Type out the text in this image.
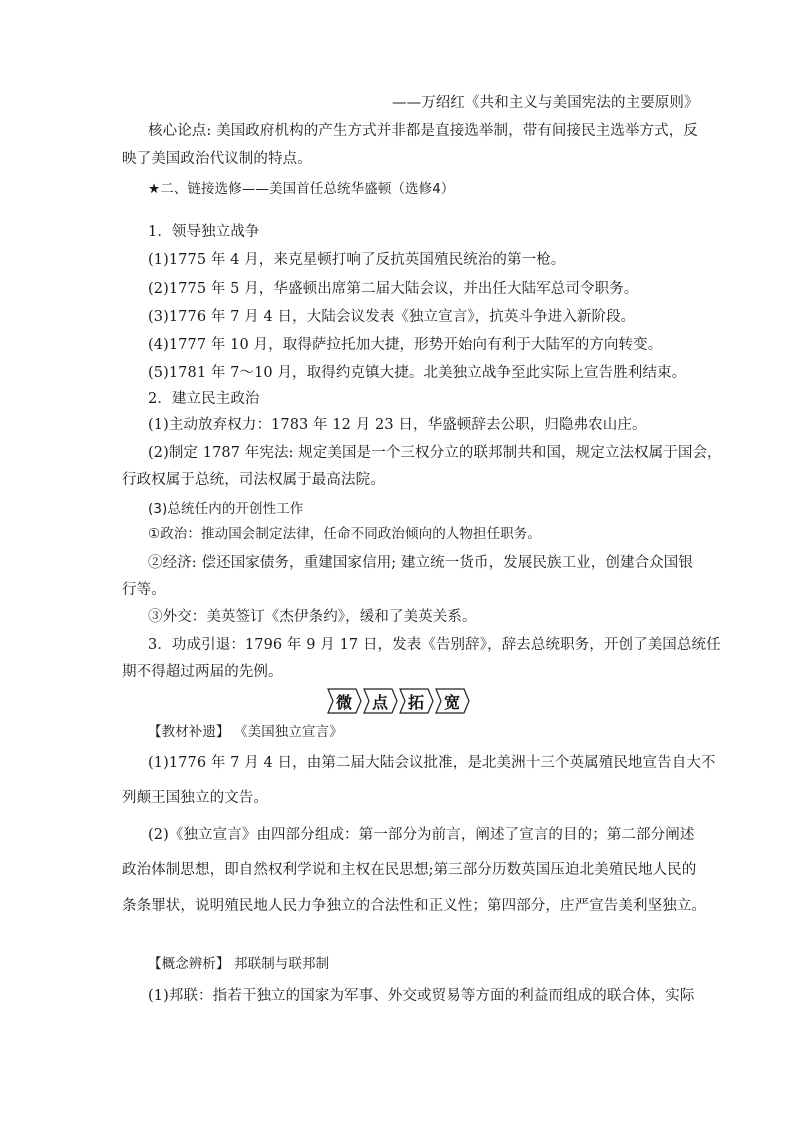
——万绍红《共和主义与美国宪法的主要原则》
核心论点: 美国政府机构的产生方式并非都是直接选举制，带有间接民主选举方式，反
映了美国政治代议制的特点。
★二、链接选修——美国首任总统华盛顿（选修4）
1．领导独立战争
(1)1775 年 4 月，来克星顿打响了反抗英国殖民统治的第一枪。
(2)1775 年 5 月，华盛顿出席第二届大陆会议，并出任大陆军总司令职务。
(3)1776 年 7 月 4 日，大陆会议发表《独立宣言》，抗英斗争进入新阶段。
(4)1777 年 10 月，取得萨拉托加大捷，形势开始向有利于大陆军的方向转变。
(5)1781 年 7～10 月，取得约克镇大捷。北美独立战争至此实际上宣告胜利结束。
2．建立民主政治
(1)主动放弃权力：1783 年 12 月 23 日，华盛顿辞去公职，归隐弗农山庄。
(2)制定 1787 年宪法: 规定美国是一个三权分立的联邦制共和国，规定立法权属于国会，
行政权属于总统，司法权属于最高法院。
(3)总统任内的开创性工作
①政治：推动国会制定法律，任命不同政治倾向的人物担任职务。
②经济: 偿还国家债务，重建国家信用; 建立统一货币，发展民族工业，创建合众国银
行等。
③外交：美英签订《杰伊条约》，缓和了美英关系。
3．功成引退：1796 年 9 月 17 日，发表《告别辞》，辞去总统职务，开创了美国总统任
期不得超过两届的先例。
微 点 拓 宽
【教材补遗】 《美国独立宣言》
(1)1776 年 7 月 4 日，由第二届大陆会议批准，是北美洲十三个英属殖民地宣告自大不
列颠王国独立的文告。
(2)《独立宣言》由四部分组成：第一部分为前言，阐述了宣言的目的；第二部分阐述
政治体制思想，即自然权利学说和主权在民思想;第三部分历数英国压迫北美殖民地人民的
条条罪状，说明殖民地人民力争独立的合法性和正义性；第四部分，庄严宣告美利坚独立。
【概念辨析】 邦联制与联邦制
(1)邦联：指若干独立的国家为军事、外交或贸易等方面的利益而组成的联合体，实际
